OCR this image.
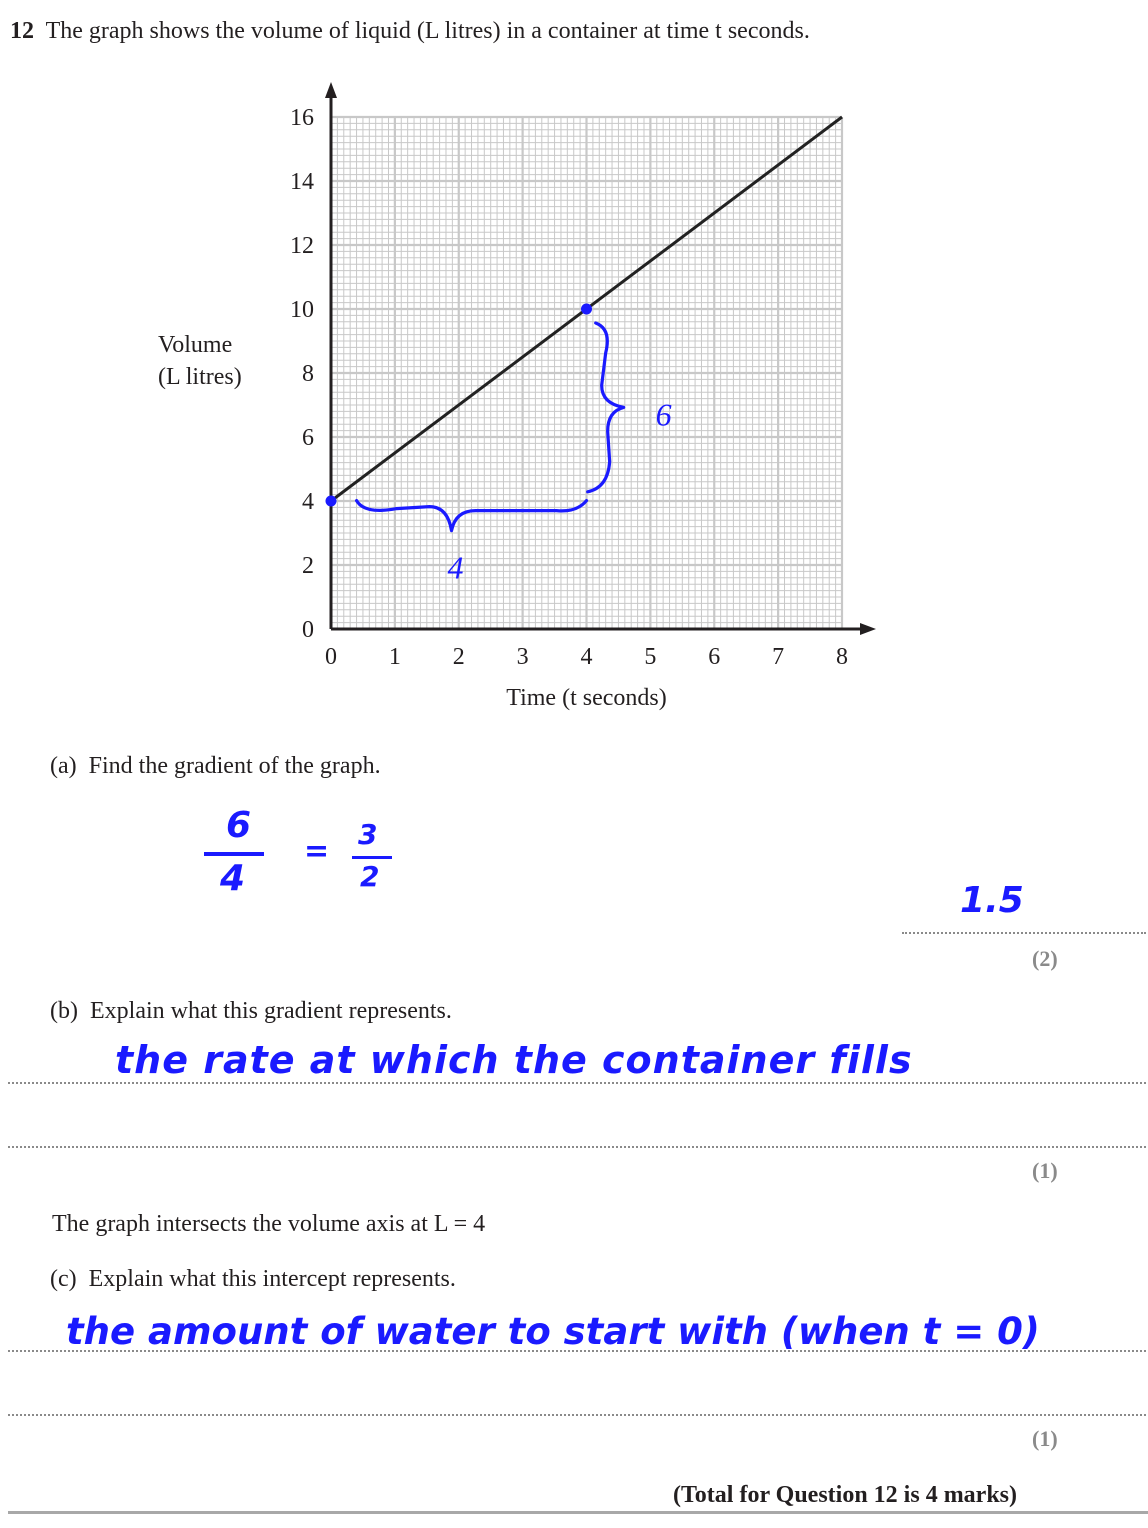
12 The graph shows the volume of liquid (L litres) in a container at time t seconds.
Volume
(L litres)
0 1 2 3 4 5 6 7 8
0
2
4
6
8
10
12
14
16
4
6
Time (t seconds)
(a) Find the gradient of the graph.
6
4
= 3
2
1.5
(2)
(b) Explain what this gradient represents.
the rate at which the container fills
(1)
The graph intersects the volume axis at L = 4
(c) Explain what this intercept represents.
the amount of water to start with (when t = 0)
(1)
(Total for Question 12 is 4 marks)
